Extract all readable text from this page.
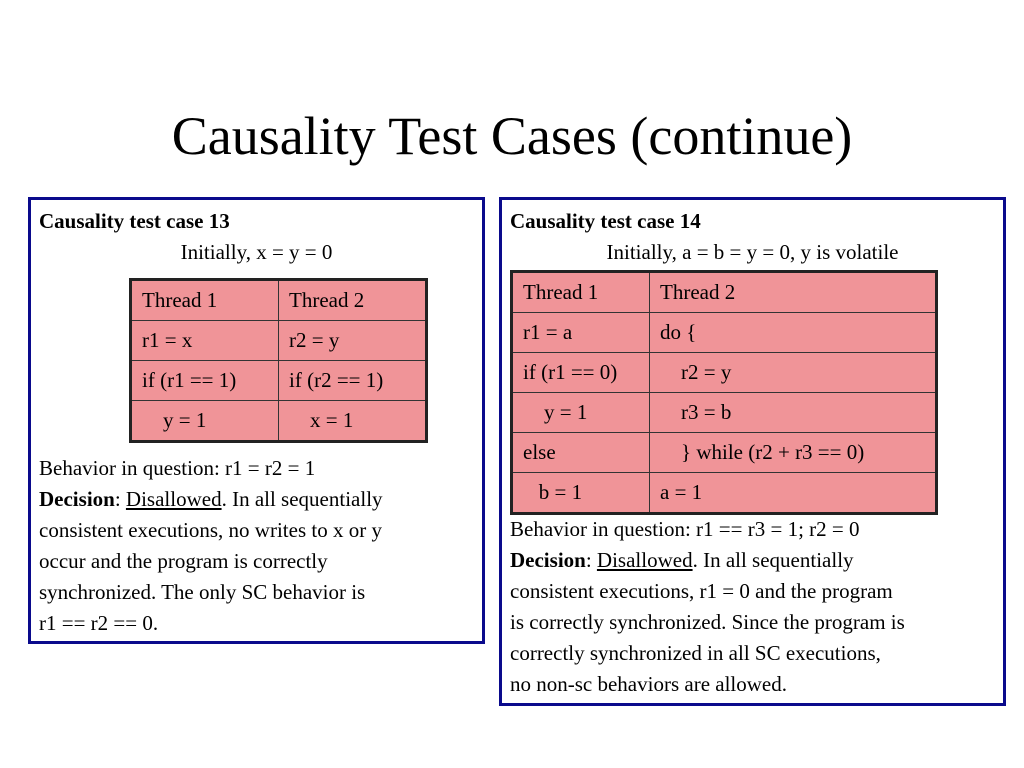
Causality Test Cases (continue)
Causality test case 13
Initially, x = y = 0
Thread 1	Thread 2
r1 = x	r2 = y
if (r1 == 1)	if (r2 == 1)
y = 1	x = 1
Behavior in question: r1 = r2 = 1
Decision: Disallowed. In all sequentially
consistent executions, no writes to x or y
occur and the program is correctly
synchronized. The only SC behavior is
r1 == r2 == 0.
Causality test case 14
Initially, a = b = y = 0, y is volatile
Thread 1	Thread 2
r1 = a	do {
if (r1 == 0)	r2 = y
y = 1	r3 = b
else	} while (r2 + r3 == 0)
b = 1	a = 1
Behavior in question: r1 == r3 = 1; r2 = 0
Decision: Disallowed. In all sequentially
consistent executions, r1 = 0 and the program
is correctly synchronized. Since the program is
correctly synchronized in all SC executions,
no non-sc behaviors are allowed.
